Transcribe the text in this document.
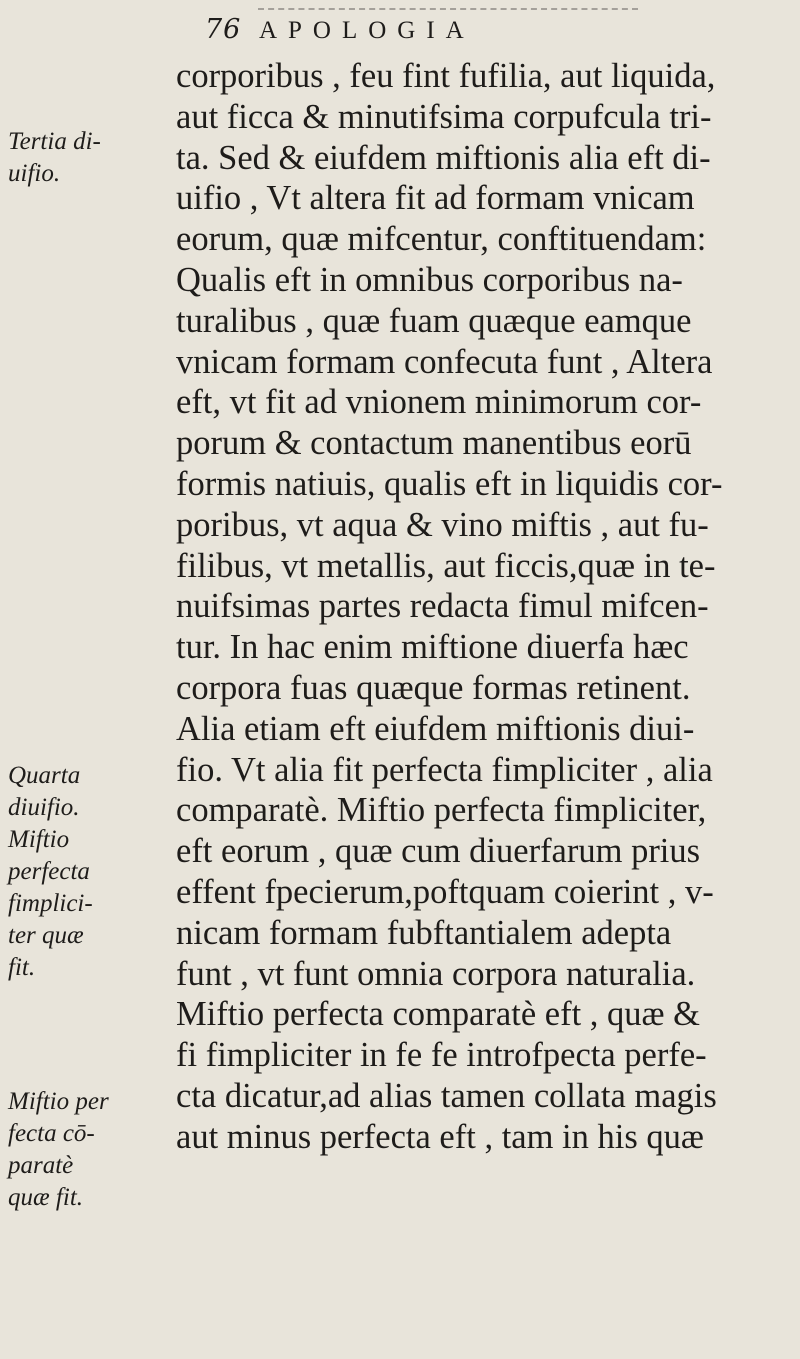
76 APOLOGIA
corporibus , feu fint fufilia, aut liquida,
aut ficca & minutifsima corpufcula tri-
ta. Sed & eiufdem miftionis alia eft di-
uifio , Vt altera fit ad formam vnicam
eorum, quæ mifcentur, conftituendam:
Qualis eft in omnibus corporibus na-
turalibus , quæ fuam quæque eamque
vnicam formam confecuta funt , Altera
eft, vt fit ad vnionem minimorum cor-
porum & contactum manentibus eorū
formis natiuis, qualis eft in liquidis cor-
poribus, vt aqua & vino miftis , aut fu-
filibus, vt metallis, aut ficcis,quæ in te-
nuifsimas partes redacta fimul mifcen-
tur. In hac enim miftione diuerfa hæc
corpora fuas quæque formas retinent.
Alia etiam eft eiufdem miftionis diui-
fio. Vt alia fit perfecta fimpliciter , alia
comparatè. Miftio perfecta fimpliciter,
eft eorum , quæ cum diuerfarum prius
effent fpecierum,poftquam coierint , v-
nicam formam fubftantialem adepta
funt , vt funt omnia corpora naturalia.
Miftio perfecta comparatè eft , quæ &
fi fimpliciter in fe fe introfpecta perfe-
cta dicatur,ad alias tamen collata magis
aut minus perfecta eft , tam in his quæ
Tertia di-
uifio.
Quarta
diuifio.
Miftio
perfecta
fimplici-
ter quæ
fit.
Miftio per
fecta cō-
paratè
quæ fit.
